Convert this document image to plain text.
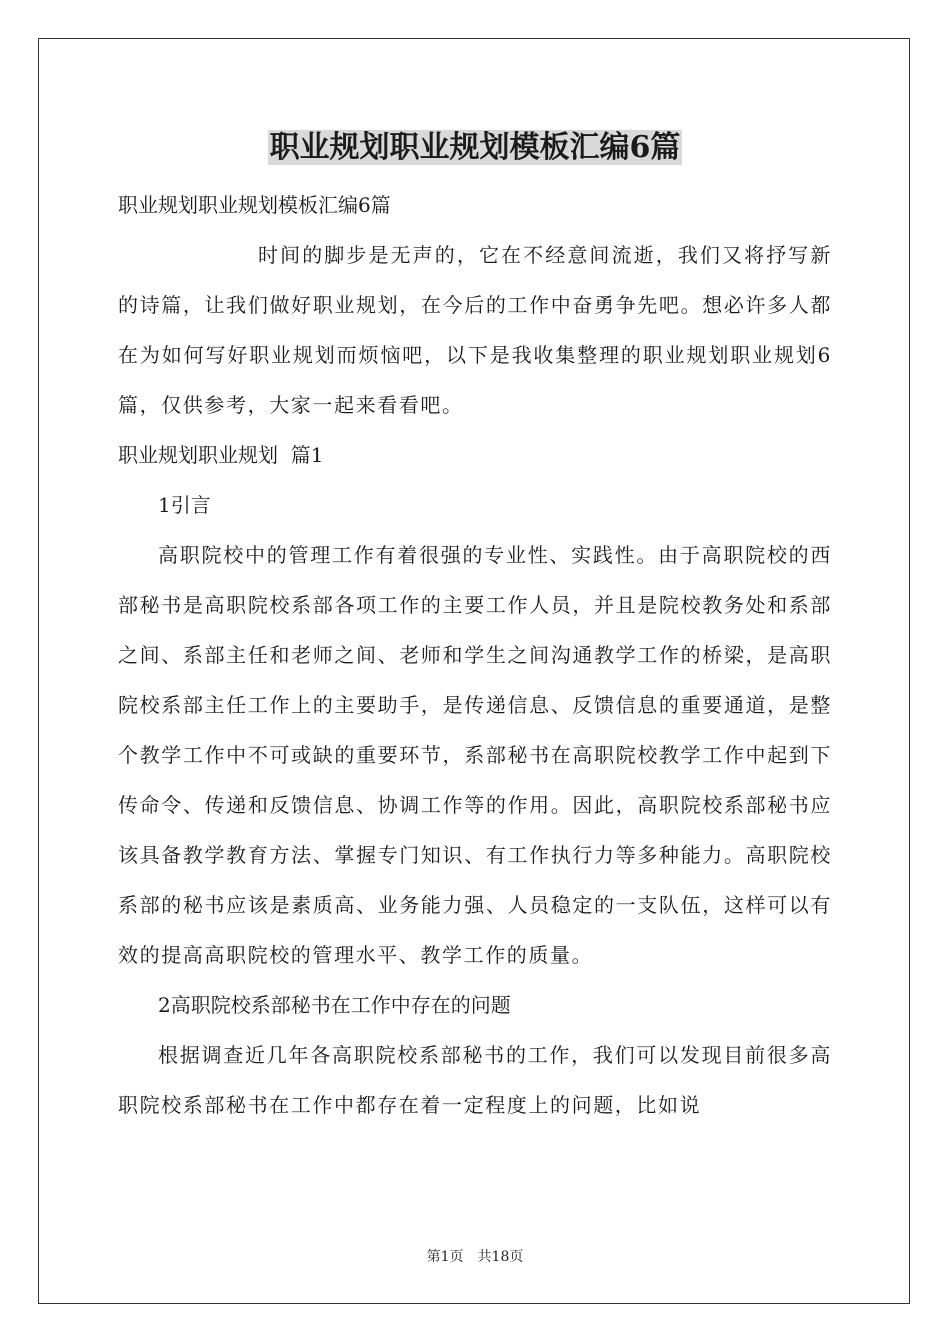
职业规划职业规划模板汇编6篇

职业规划职业规划模板汇编6篇

时间的脚步是无声的，它在不经意间流逝，我们又将抒写新的诗篇，让我们做好职业规划，在今后的工作中奋勇争先吧。想必许多人都在为如何写好职业规划而烦恼吧，以下是我收集整理的职业规划职业规划6篇，仅供参考，大家一起来看看吧。

职业规划职业规划  篇1

1引言

高职院校中的管理工作有着很强的专业性、实践性。由于高职院校的西部秘书是高职院校系部各项工作的主要工作人员，并且是院校教务处和系部之间、系部主任和老师之间、老师和学生之间沟通教学工作的桥梁，是高职院校系部主任工作上的主要助手，是传递信息、反馈信息的重要通道，是整个教学工作中不可或缺的重要环节，系部秘书在高职院校教学工作中起到下传命令、传递和反馈信息、协调工作等的作用。因此，高职院校系部秘书应该具备教学教育方法、掌握专门知识、有工作执行力等多种能力。高职院校系部的秘书应该是素质高、业务能力强、人员稳定的一支队伍，这样可以有效的提高高职院校的管理水平、教学工作的质量。

2高职院校系部秘书在工作中存在的问题

根据调查近几年各高职院校系部秘书的工作，我们可以发现目前很多高职院校系部秘书在工作中都存在着一定程度上的问题，比如说

第1页　共18页
